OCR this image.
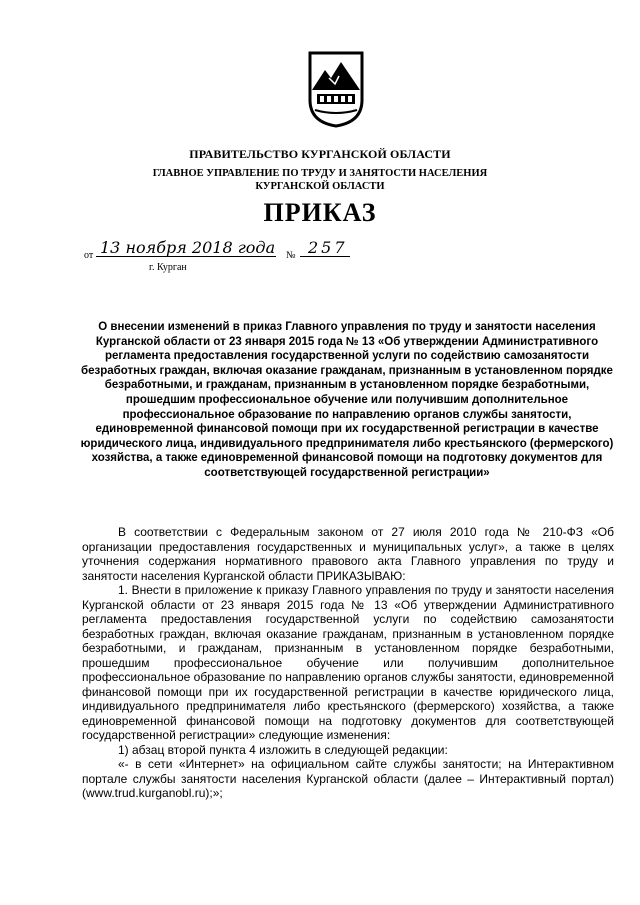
ПРАВИТЕЛЬСТВО КУРГАНСКОЙ ОБЛАСТИ
ГЛАВНОЕ УПРАВЛЕНИЕ ПО ТРУДУ И ЗАНЯТОСТИ НАСЕЛЕНИЯ
КУРГАНСКОЙ ОБЛАСТИ
ПРИКАЗ
от 13 ноября 2018 года № 257
г. Курган

О внесении изменений в приказ Главного управления по труду и занятости населения Курганской области от 23 января 2015 года № 13 «Об утверждении Административного регламента предоставления государственной услуги по содействию самозанятости безработных граждан, включая оказание гражданам, признанным в установленном порядке безработными, и гражданам, признанным в установленном порядке безработными, прошедшим профессиональное обучение или получившим дополнительное профессиональное образование по направлению органов службы занятости, единовременной финансовой помощи при их государственной регистрации в качестве юридического лица, индивидуального предпринимателя либо крестьянского (фермерского) хозяйства, а также единовременной финансовой помощи на подготовку документов для соответствующей государственной регистрации»

В соответствии с Федеральным законом от 27 июля 2010 года № 210-ФЗ «Об организации предоставления государственных и муниципальных услуг», а также в целях уточнения содержания нормативного правового акта Главного управления по труду и занятости населения Курганской области ПРИКАЗЫВАЮ:

1. Внести в приложение к приказу Главного управления по труду и занятости населения Курганской области от 23 января 2015 года № 13 «Об утверждении Административного регламента предоставления государственной услуги по содействию самозанятости безработных граждан, включая оказание гражданам, признанным в установленном порядке безработными, и гражданам, признанным в установленном порядке безработными, прошедшим профессиональное обучение или получившим дополнительное профессиональное образование по направлению органов службы занятости, единовременной финансовой помощи при их государственной регистрации в качестве юридического лица, индивидуального предпринимателя либо крестьянского (фермерского) хозяйства, а также единовременной финансовой помощи на подготовку документов для соответствующей государственной регистрации» следующие изменения:

1) абзац второй пункта 4 изложить в следующей редакции:

«- в сети «Интернет» на официальном сайте службы занятости; на Интерактивном портале службы занятости населения Курганской области (далее – Интерактивный портал) (www.trud.kurganobl.ru);»;
